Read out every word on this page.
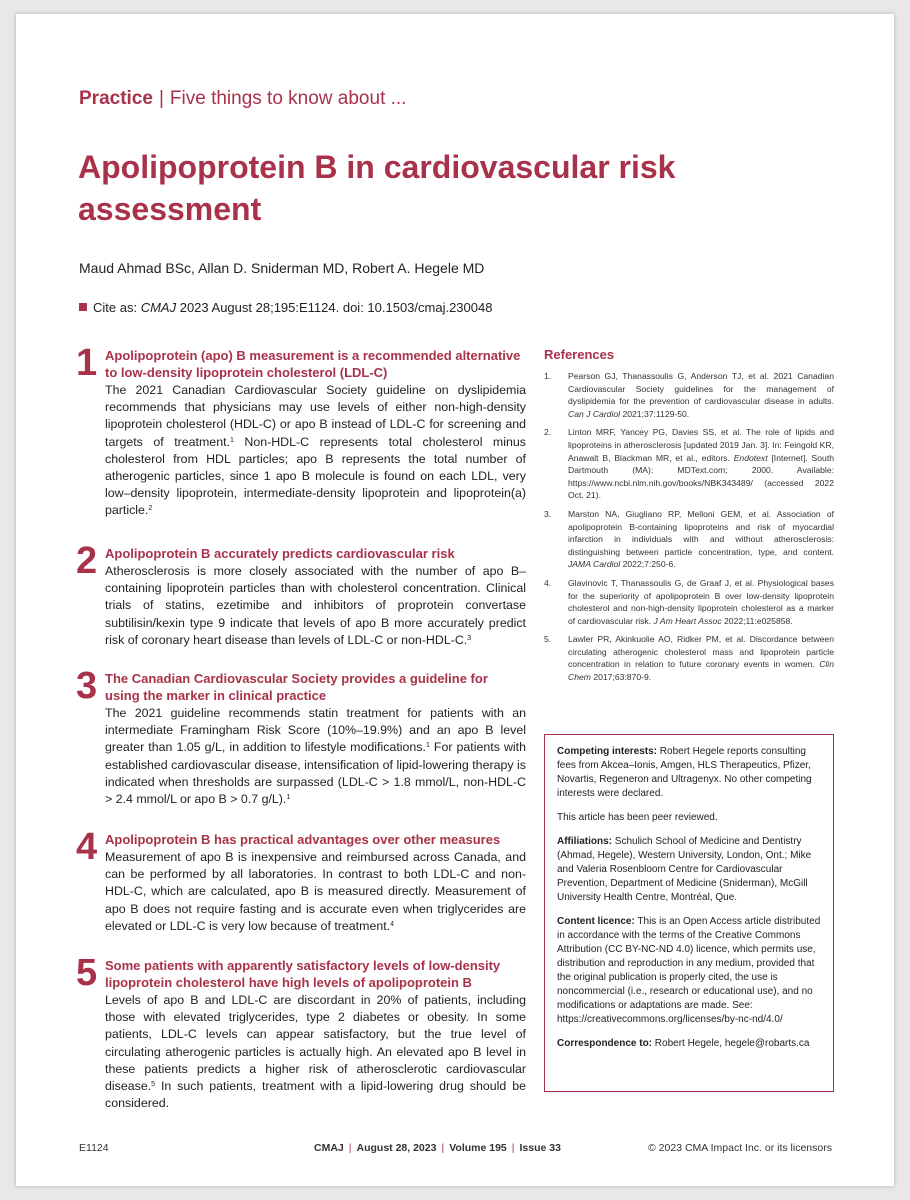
Practice | Five things to know about ...
Apolipoprotein B in cardiovascular risk assessment
Maud Ahmad BSc, Allan D. Sniderman MD, Robert A. Hegele MD
Cite as: CMAJ 2023 August 28;195:E1124. doi: 10.1503/cmaj.230048
1 Apolipoprotein (apo) B measurement is a recommended alternative to low-density lipoprotein cholesterol (LDL-C)

The 2021 Canadian Cardiovascular Society guideline on dyslipidemia recommends that physicians may use levels of either non-high-density lipoprotein cholesterol (HDL-C) or apo B instead of LDL-C for screening and targets of treatment.$^1$ Non-HDL-C represents total cholesterol minus cholesterol from HDL particles; apo B represents the total number of atherogenic particles, since 1 apo B molecule is found on each LDL, very low–density lipoprotein, intermediate-density lipoprotein and lipoprotein(a) particle.$^2$

2 Apolipoprotein B accurately predicts cardiovascular risk

Atherosclerosis is more closely associated with the number of apo B–containing lipoprotein particles than with cholesterol concentration. Clinical trials of statins, ezetimibe and inhibitors of proprotein convertase subtilisin/kexin type 9 indicate that levels of apo B more accurately predict risk of coronary heart disease than levels of LDL-C or non-HDL-C.$^3$

3 The Canadian Cardiovascular Society provides a guideline for using the marker in clinical practice

The 2021 guideline recommends statin treatment for patients with an intermediate Framingham Risk Score (10%–19.9%) and an apo B level greater than 1.05 g/L, in addition to lifestyle modifications.$^1$ For patients with established cardiovascular disease, intensification of lipid-lowering therapy is indicated when thresholds are surpassed (LDL-C > 1.8 mmol/L, non-HDL-C > 2.4 mmol/L or apo B > 0.7 g/L).$^1$

4 Apolipoprotein B has practical advantages over other measures

Measurement of apo B is inexpensive and reimbursed across Canada, and can be performed by all laboratories. In contrast to both LDL-C and non-HDL-C, which are calculated, apo B is measured directly. Measurement of apo B does not require fasting and is accurate even when triglycerides are elevated or LDL-C is very low because of treatment.$^4$

5 Some patients with apparently satisfactory levels of low-density lipoprotein cholesterol have high levels of apolipoprotein B

Levels of apo B and LDL-C are discordant in 20% of patients, including those with elevated triglycerides, type 2 diabetes or obesity. In some patients, LDL-C levels can appear satisfactory, but the true level of circulating atherogenic particles is actually high. An elevated apo B level in these patients predicts a higher risk of atherosclerotic cardiovascular disease.$^5$ In such patients, treatment with a lipid-lowering drug should be considered.

References
1. Pearson GJ, Thanassoulis G, Anderson TJ, et al. 2021 Canadian Cardiovascular Society guidelines for the management of dyslipidemia for the prevention of cardiovascular disease in adults. Can J Cardiol 2021;37:1129-50.
2. Linton MRF, Yancey PG, Davies SS, et al. The role of lipids and lipoproteins in atherosclerosis [updated 2019 Jan. 3]. In: Feingold KR, Anawalt B, Blackman MR, et al., editors. Endotext [Internet]. South Dartmouth (MA): MDText.com; 2000. Available: https://www.ncbi.nlm.nih.gov/books/NBK343489/ (accessed 2022 Oct. 21).
3. Marston NA, Giugliano RP, Melloni GEM, et al. Association of apolipoprotein B-containing lipoproteins and risk of myocardial infarction in individuals with and without atherosclerosis: distinguishing between particle concentration, type, and content. JAMA Cardiol 2022;7:250-6.
4. Glavinovic T, Thanassoulis G, de Graaf J, et al. Physiological bases for the superiority of apolipoprotein B over low-density lipoprotein cholesterol and non-high-density lipoprotein cholesterol as a marker of cardiovascular risk. J Am Heart Assoc 2022;11:e025858.
5. Lawler PR, Akinkuolie AO, Ridker PM, et al. Discordance between circulating atherogenic cholesterol mass and lipoprotein particle concentration in relation to future coronary events in women. Clin Chem 2017;63:870-9.

Competing interests: Robert Hegele reports consulting fees from Akcea–Ionis, Amgen, HLS Therapeutics, Pfizer, Novartis, Regeneron and Ultragenyx. No other competing interests were declared.

This article has been peer reviewed.

Affiliations: Schulich School of Medicine and Dentistry (Ahmad, Hegele), Western University, London, Ont.; Mike and Valeria Rosenbloom Centre for Cardiovascular Prevention, Department of Medicine (Sniderman), McGill University Health Centre, Montréal, Que.

Content licence: This is an Open Access article distributed in accordance with the terms of the Creative Commons Attribution (CC BY-NC-ND 4.0) licence, which permits use, distribution and reproduction in any medium, provided that the original publication is properly cited, the use is noncommercial (i.e., research or educational use), and no modifications or adaptations are made. See: https://creativecommons.org/licenses/by-nc-nd/4.0/

Correspondence to: Robert Hegele, hegele@robarts.ca

E1124	CMAJ | August 28, 2023 | Volume 195 | Issue 33	© 2023 CMA Impact Inc. or its licensors
